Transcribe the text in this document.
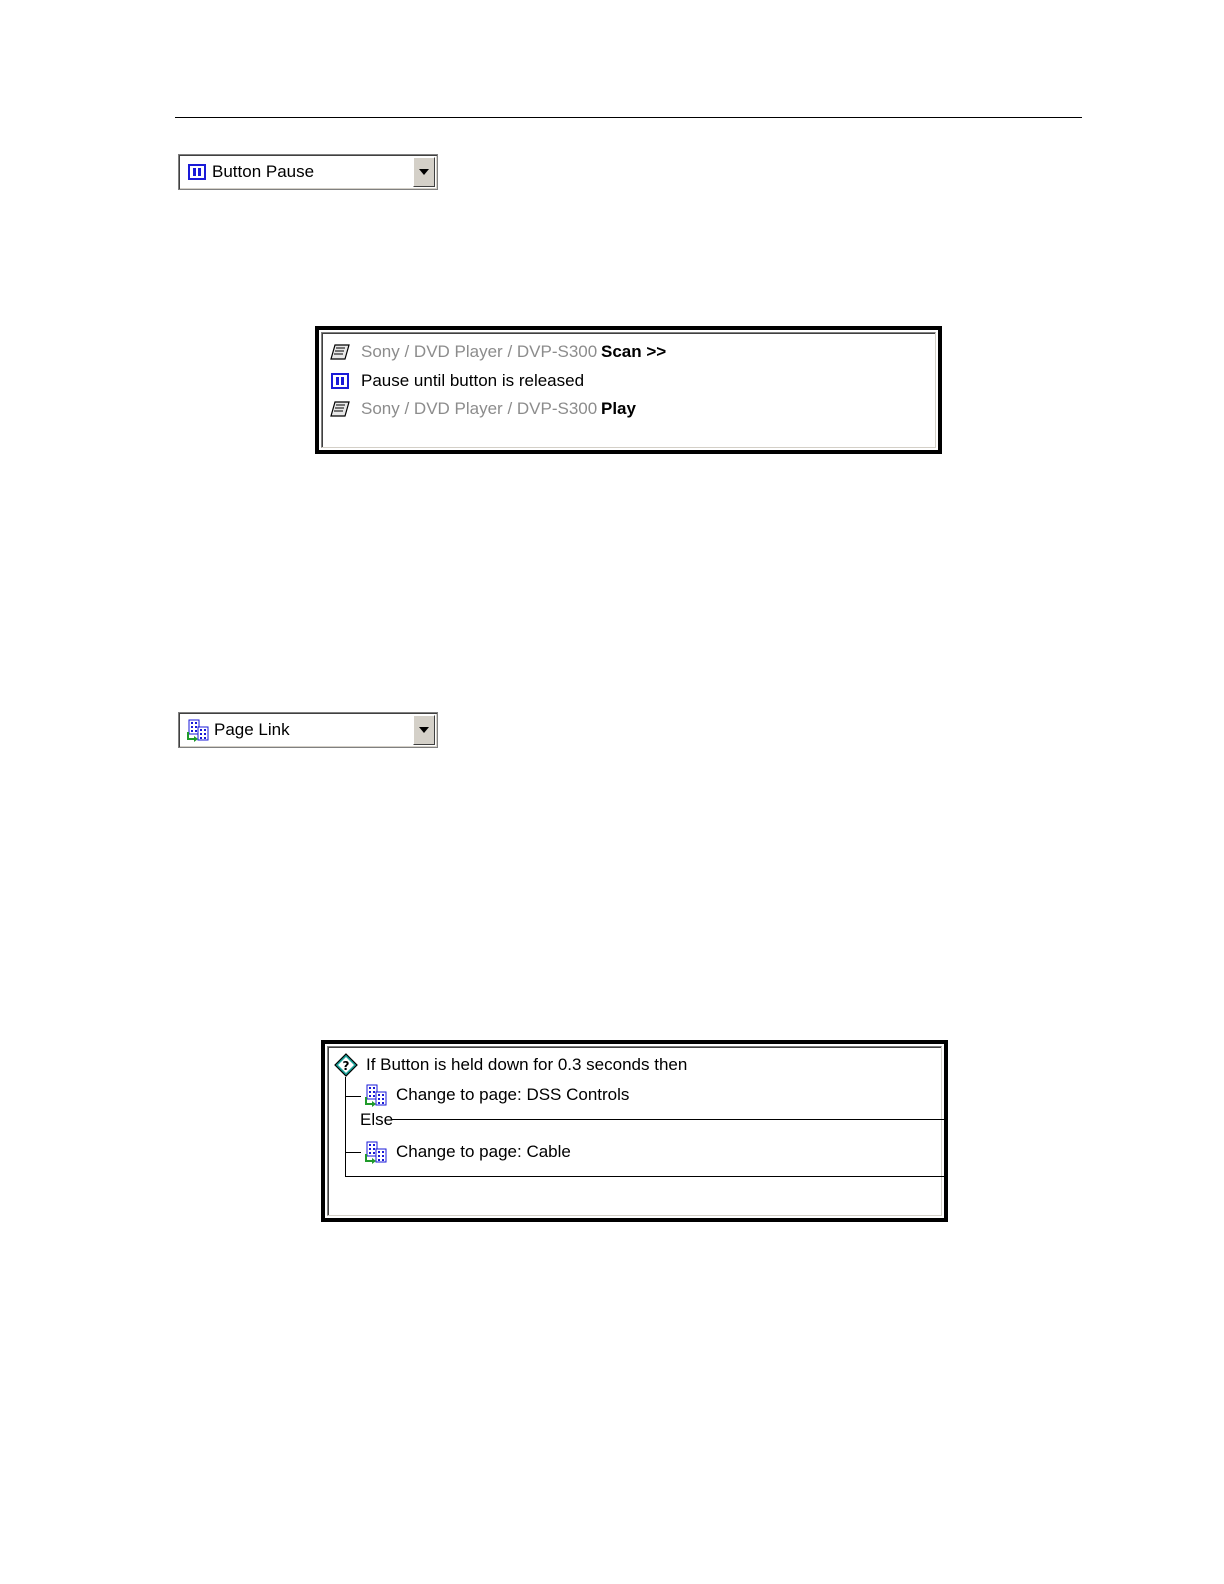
Button Pause
Sony / DVD Player / DVP-S300 Scan >>
Pause until button is released
Sony / DVD Player / DVP-S300 Play
Page Link
? If Button is held down for 0.3 seconds then
Change to page: DSS Controls
Else
Change to page: Cable
